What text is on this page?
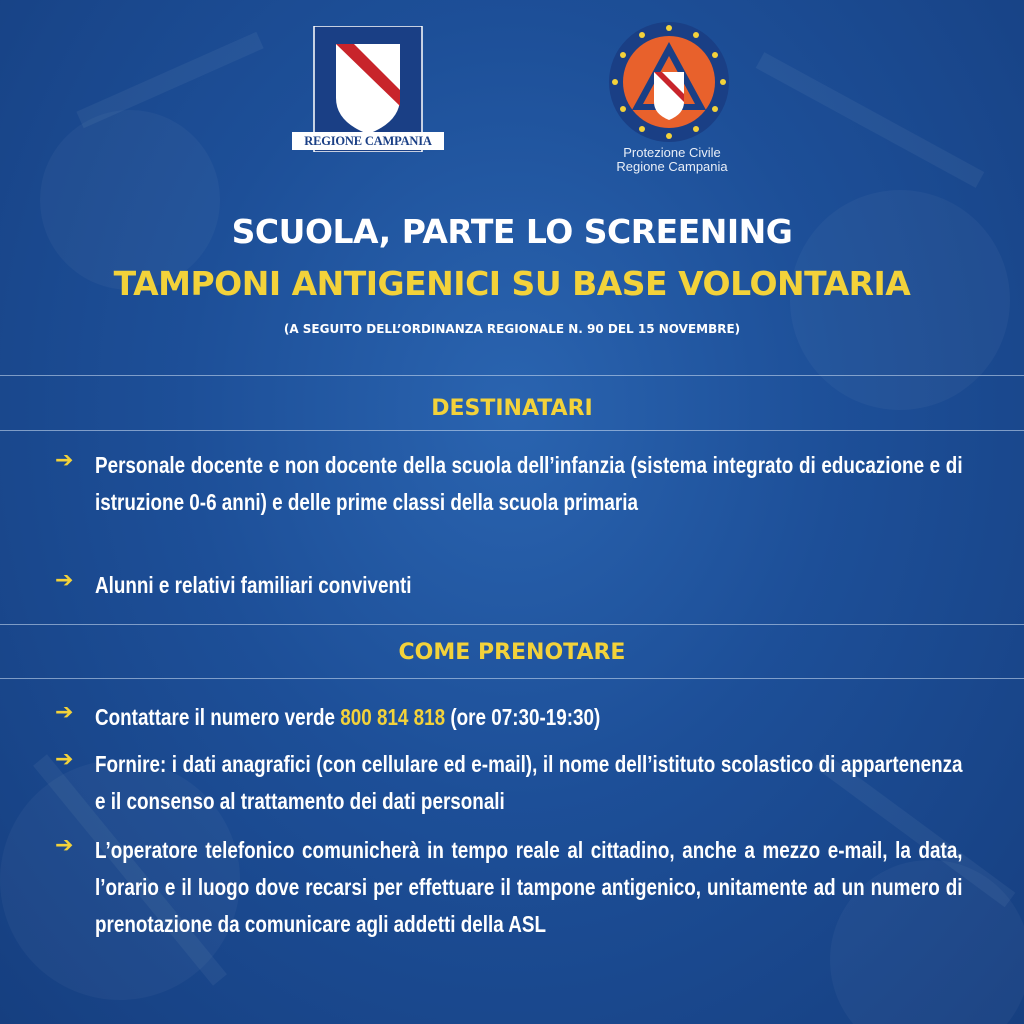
REGIONE CAMPANIA
Protezione Civile
Regione Campania
SCUOLA, PARTE LO SCREENING
TAMPONI ANTIGENICI SU BASE VOLONTARIA
(A SEGUITO DELL’ORDINANZA REGIONALE N. 90 DEL 15 NOVEMBRE)
DESTINATARI
➔ Personale docente e non docente della scuola dell’infanzia (sistema integrato di educazione e di istruzione 0-6 anni) e delle prime classi della scuola primaria
➔ Alunni e relativi familiari conviventi
COME PRENOTARE
➔ Contattare il numero verde 800 814 818 (ore 07:30-19:30)
➔ Fornire: i dati anagrafici (con cellulare ed e-mail), il nome dell’istituto scolastico di appartenenza e il consenso al trattamento dei dati personali
➔ L’operatore telefonico comunicherà in tempo reale al cittadino, anche a mezzo e-mail, la data, l’orario e il luogo dove recarsi per effettuare il tampone antigenico, unitamente ad un numero di prenotazione da comunicare agli addetti della ASL
